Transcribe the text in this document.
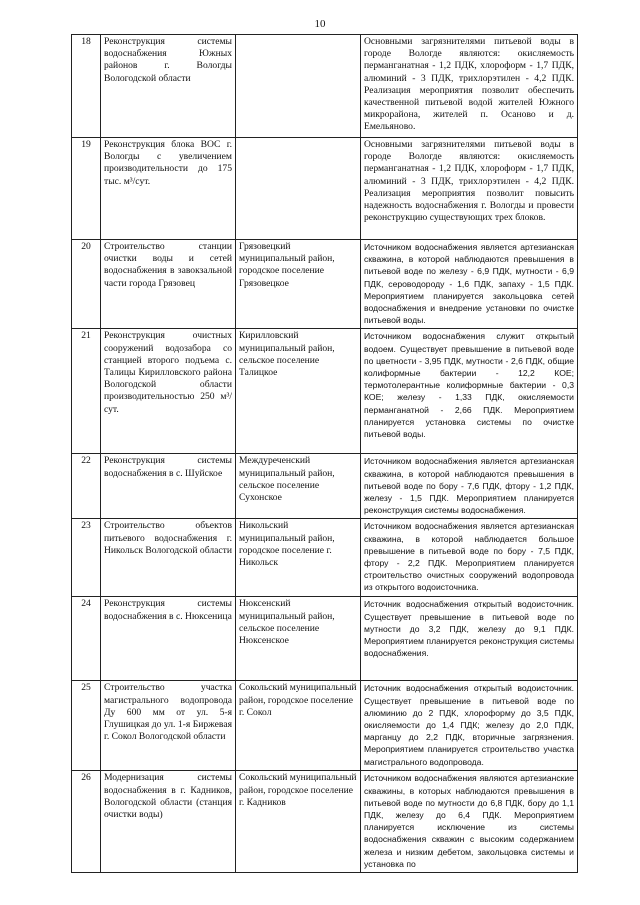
10
18	Реконструкция системы водоснабжения Южных районов г. Вологды Вологодской области		Основными загрязнителями питьевой воды в городе Вологде являются: окисляемость перманганатная - 1,2 ПДК, хлороформ - 1,7 ПДК, алюминий - 3 ПДК, трихлорэтилен - 4,2 ПДК. Реализация мероприятия позволит обеспечить качественной питьевой водой жителей Южного микрорайона, жителей п. Осаново и д. Емельяново.
19	Реконструкция блока ВОС г. Вологды с увеличением производительности до 175 тыс. м³/сут.		Основными загрязнителями питьевой воды в городе Вологде являются: окисляемость перманганатная - 1,2 ПДК, хлороформ - 1,7 ПДК, алюминий - 3 ПДК, трихлорэтилен - 4,2 ПДК. Реализация мероприятия позволит повысить надежность водоснабжения г. Вологды и провести реконструкцию существующих трех блоков.
20	Строительство станции очистки воды и сетей водоснабжения в завокзальной части города Грязовец	Грязовецкий муниципальный район, городское поселение Грязовецкое	Источником водоснабжения является артезианская скважина, в которой наблюдаются превышения в питьевой воде по железу - 6,9 ПДК, мутности - 6,9 ПДК, сероводороду - 1,6 ПДК, запаху - 1,5 ПДК. Мероприятием планируется закольцовка сетей водоснабжения и внедрение установки по очистке питьевой воды.
21	Реконструкция очистных сооружений водозабора со станцией второго подъема с. Талицы Кирилловского района Вологодской области производительностью 250 м³/сут.	Кирилловский муниципальный район, сельское поселение Талицкое	Источником водоснабжения служит открытый водоем. Существует превышение в питьевой воде по цветности - 3,95 ПДК, мутности - 2,6 ПДК, общие колиформные бактерии - 12,2 КОЕ; термотолерантные колиформные бактерии - 0,3 КОЕ; железу - 1,33 ПДК, окисляемости перманганатной - 2,66 ПДК. Мероприятием планируется установка системы по очистке питьевой воды.
22	Реконструкция системы водоснабжения в с. Шуйское	Междуреченский муниципальный район, сельское поселение Сухонское	Источником водоснабжения является артезианская скважина, в которой наблюдаются превышения в питьевой воде по бору - 7,6 ПДК, фтору - 1,2 ПДК, железу - 1,5 ПДК. Мероприятием планируется реконструкция системы водоснабжения.
23	Строительство объектов питьевого водоснабжения г. Никольск Вологодской области	Никольский муниципальный район, городское поселение г. Никольск	Источником водоснабжения является артезианская скважина, в которой наблюдается большое превышение в питьевой воде по бору - 7,5 ПДК, фтору - 2,2 ПДК. Мероприятием планируется строительство очистных сооружений водопровода из открытого водоисточника.
24	Реконструкция системы водоснабжения в с. Нюксеница	Нюксенский муниципальный район, сельское поселение Нюксенское	Источник водоснабжения открытый водоисточник. Существует превышение в питьевой воде по мутности до 3,2 ПДК, железу до 9,1 ПДК. Мероприятием планируется реконструкция системы водоснабжения.
25	Строительство участка магистрального водопровода Ду 600 мм от ул. 5-я Глушицкая до ул. 1-я Биржевая г. Сокол Вологодской области	Сокольский муниципальный район, городское поселение г. Сокол	Источник водоснабжения открытый водоисточник. Существует превышение в питьевой воде по алюминию до 2 ПДК, хлороформу до 3,5 ПДК, окисляемости до 1,4 ПДК; железу до 2,0 ПДК, марганцу до 2,2 ПДК, вторичные загрязнения. Мероприятием планируется строительство участка магистрального водопровода.
26	Модернизация системы водоснабжения в г. Кадников, Вологодской области (станция очистки воды)	Сокольский муниципальный район, городское поселение г. Кадников	Источником водоснабжения являются артезианские скважины, в которых наблюдаются превышения в питьевой воде по мутности до 6,8 ПДК, бору до 1,1 ПДК, железу до 6,4 ПДК. Мероприятием планируется исключение из системы водоснабжения скважин с высоким содержанием железа и низким дебетом, закольцовка системы и установка по
